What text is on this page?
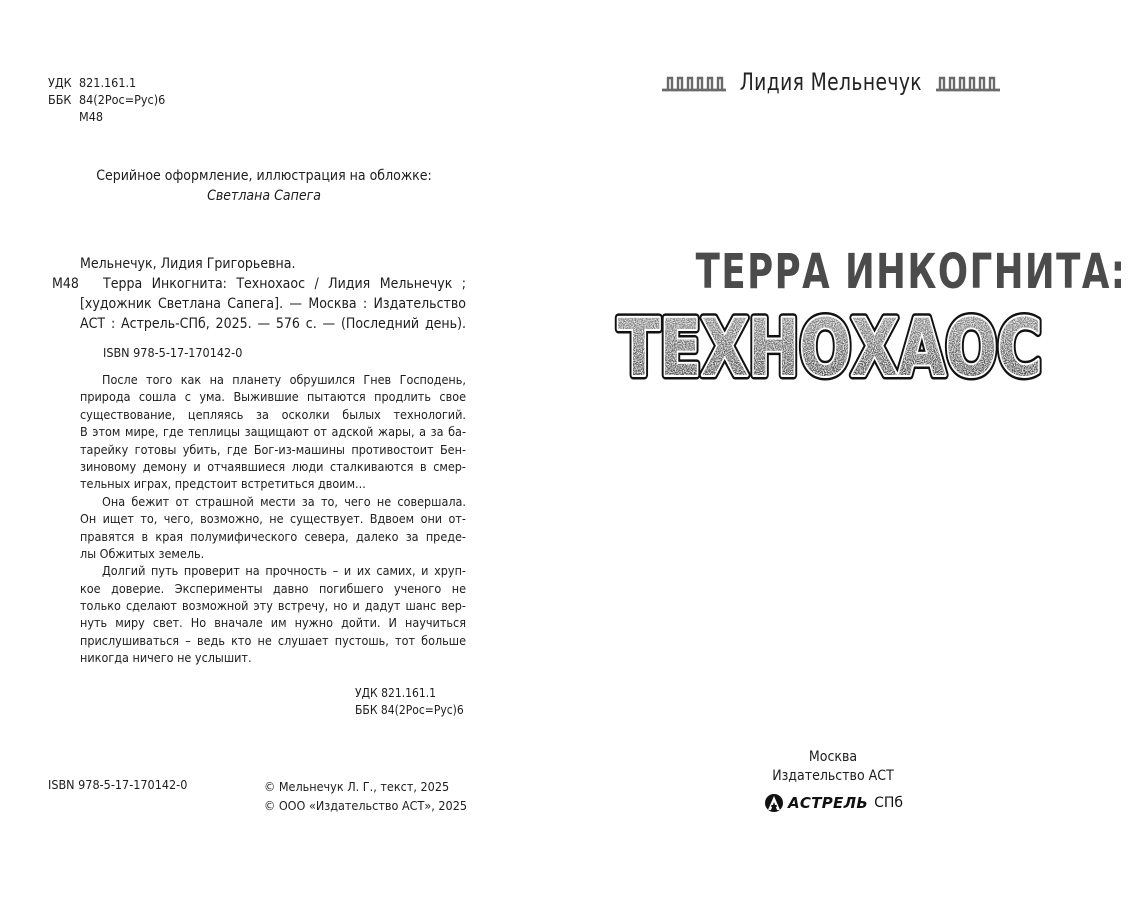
УДК 821.161.1
ББК 84(2Рос=Рус)6
М48
Серийное оформление, иллюстрация на обложке:
Светлана Сапега
М48
Мельнечук, Лидия Григорьевна.
Терра Инкогнита: Технохаос / Лидия Мельнечук ;
[художник Светлана Сапега]. — Москва : Издательство
АСТ : Астрель-СПб, 2025. — 576 с. — (Последний день).
ISBN 978-5-17-170142-0
После того как на планету обрушился Гнев Господень,
природа сошла с ума. Выжившие пытаются продлить свое
существование, цепляясь за осколки былых технологий.
В этом мире, где теплицы защищают от адской жары, а за ба-
тарейку готовы убить, где Бог-из-машины противостоит Бен-
зиновому демону и отчаявшиеся люди сталкиваются в смер-
тельных играх, предстоит встретиться двоим...
Она бежит от страшной мести за то, чего не совершала.
Он ищет то, чего, возможно, не существует. Вдвоем они от-
правятся в края полумифического севера, далеко за преде-
лы Обжитых земель.
Долгий путь проверит на прочность – и их самих, и хруп-
кое доверие. Эксперименты давно погибшего ученого не
только сделают возможной эту встречу, но и дадут шанс вер-
нуть миру свет. Но вначале им нужно дойти. И научиться
прислушиваться – ведь кто не слушает пустошь, тот больше
никогда ничего не услышит.
УДК 821.161.1
ББК 84(2Рос=Рус)6
ISBN 978-5-17-170142-0	© Мельнечук Л. Г., текст, 2025
© ООО «Издательство АСТ», 2025
Лидия Мельнечук
ТЕРРА ИНКОГНИТА:
ТЕХНОХАОС
ТЕХНОХАОС
ТЕХНОХАОС
ТЕХНОХАОС
Москва
Издательство АСТ
АСТРЕЛЬ СПб
